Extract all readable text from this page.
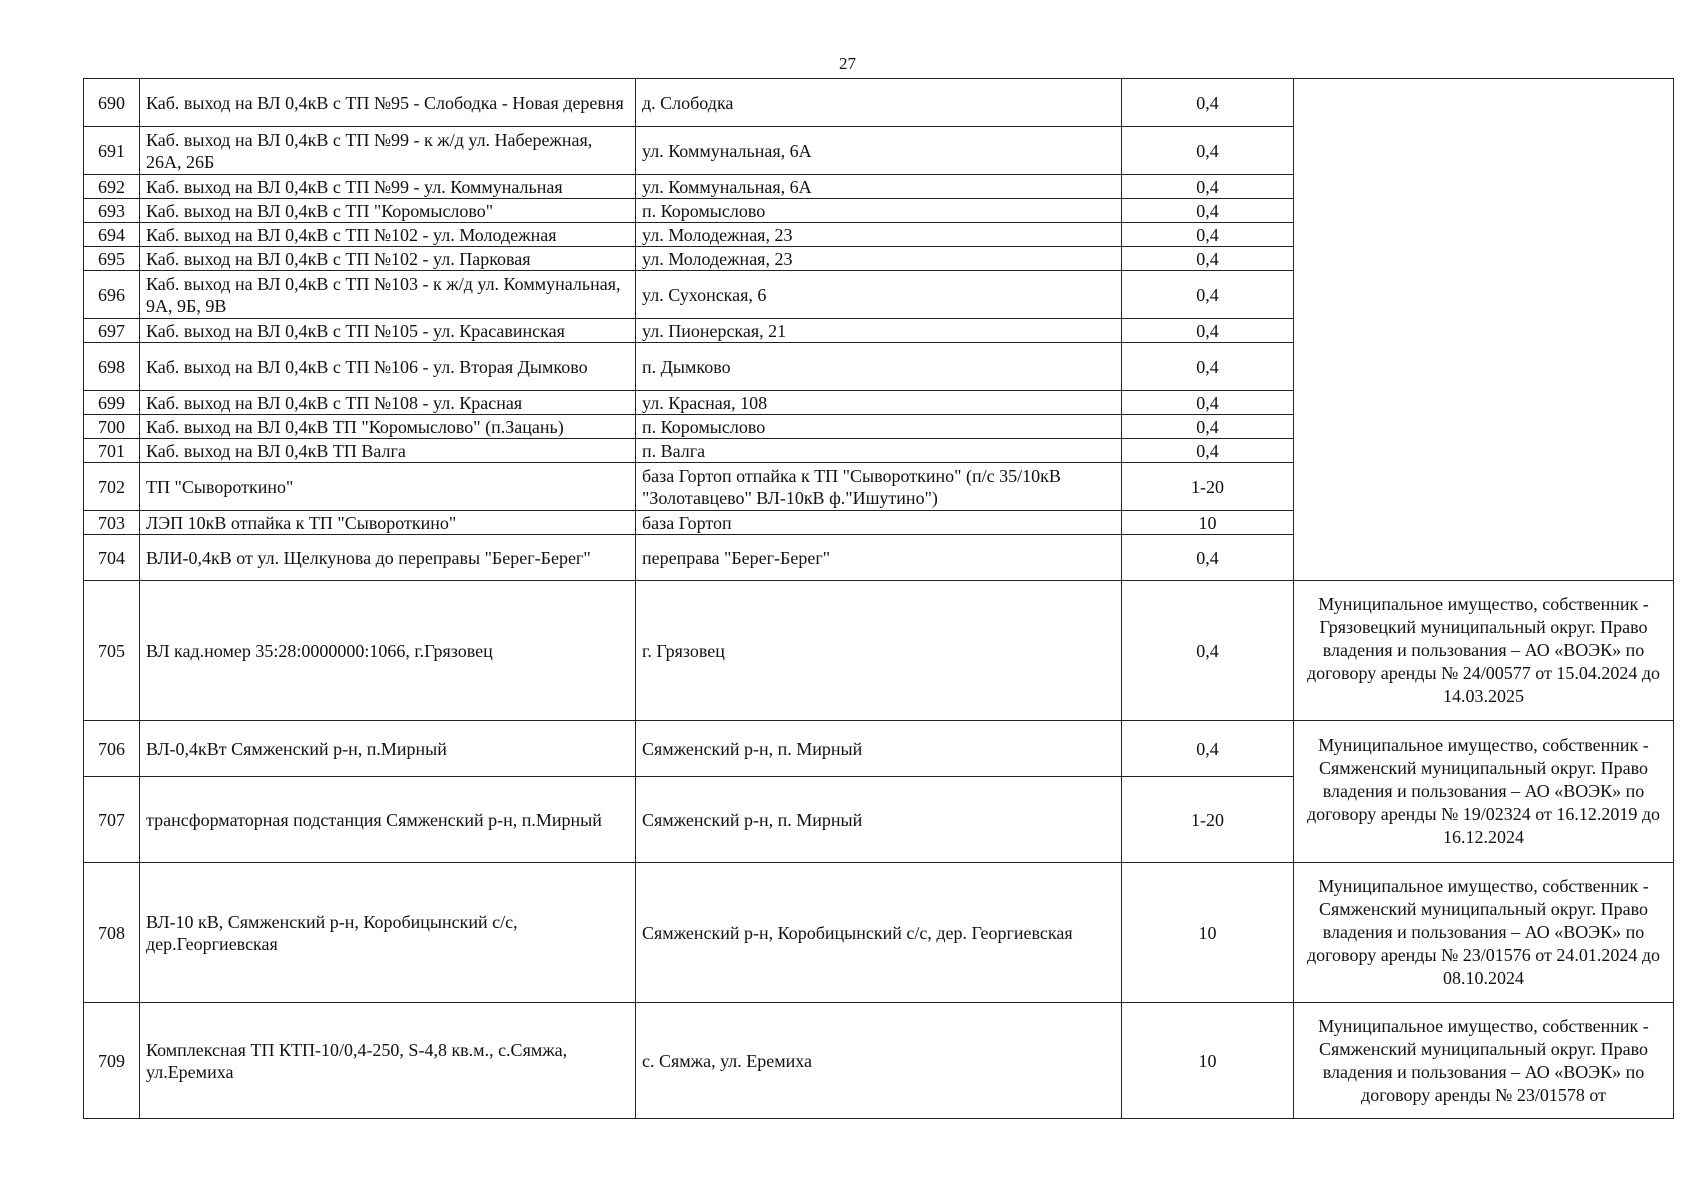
27
690	Каб. выход на ВЛ 0,4кВ с ТП №95 - Слободка - Новая деревня	д. Слободка	0,4	
691	Каб. выход на ВЛ 0,4кВ с ТП №99 - к ж/д ул. Набережная, 26А, 26Б	ул. Коммунальная, 6А	0,4	
692	Каб. выход на ВЛ 0,4кВ с ТП №99 - ул. Коммунальная	ул. Коммунальная, 6А	0,4	
693	Каб. выход на ВЛ 0,4кВ с ТП "Коромыслово"	п. Коромыслово	0,4	
694	Каб. выход на ВЛ 0,4кВ с ТП №102 - ул. Молодежная	ул. Молодежная, 23	0,4	
695	Каб. выход на ВЛ 0,4кВ с ТП №102 - ул. Парковая	ул. Молодежная, 23	0,4	
696	Каб. выход на ВЛ 0,4кВ с ТП №103 - к ж/д ул. Коммунальная, 9А, 9Б, 9В	ул. Сухонская, 6	0,4	
697	Каб. выход на ВЛ 0,4кВ с ТП №105 - ул. Красавинская	ул. Пионерская, 21	0,4	
698	Каб. выход на ВЛ 0,4кВ с ТП №106 - ул. Вторая Дымково	п. Дымково	0,4	
699	Каб. выход на ВЛ 0,4кВ с ТП №108 - ул. Красная	ул. Красная, 108	0,4	
700	Каб. выход на ВЛ 0,4кВ ТП "Коромыслово" (п.Зацань)	п. Коромыслово	0,4	
701	Каб. выход на ВЛ 0,4кВ ТП Валга	п. Валга	0,4	
702	ТП "Сывороткино"	база Гортоп отпайка к ТП "Сывороткино" (п/с 35/10кВ "Золотавцево" ВЛ-10кВ ф."Ишутино")	1-20	
703	ЛЭП 10кВ отпайка к ТП "Сывороткино"	база Гортоп	10	
704	ВЛИ-0,4кВ от ул. Щелкунова до переправы "Берег-Берег"	переправа "Берег-Берег"	0,4	
705	ВЛ кад.номер 35:28:0000000:1066, г.Грязовец	г. Грязовец	0,4	Муниципальное имущество, собственник - Грязовецкий муниципальный округ. Право владения и пользования – АО «ВОЭК» по договору аренды № 24/00577 от 15.04.2024 до 14.03.2025
706	ВЛ-0,4кВт Сямженский р-н, п.Мирный	Сямженский р-н, п. Мирный	0,4	Муниципальное имущество, собственник - Сямженский муниципальный округ. Право владения и пользования – АО «ВОЭК» по договору аренды № 19/02324 от 16.12.2019 до 16.12.2024
707	трансформаторная подстанция Сямженский р-н, п.Мирный	Сямженский р-н, п. Мирный	1-20	
708	ВЛ-10 кВ, Сямженский р-н, Коробицынский с/с, дер.Георгиевская	Сямженский р-н, Коробицынский с/с, дер. Георгиевская	10	Муниципальное имущество, собственник - Сямженский муниципальный округ. Право владения и пользования – АО «ВОЭК» по договору аренды № 23/01576 от 24.01.2024 до 08.10.2024
709	Комплексная ТП КТП-10/0,4-250, S-4,8 кв.м., с.Сямжа, ул.Еремиха	с. Сямжа, ул. Еремиха	10	Муниципальное имущество, собственник - Сямженский муниципальный округ. Право владения и пользования – АО «ВОЭК» по договору аренды № 23/01578 от
